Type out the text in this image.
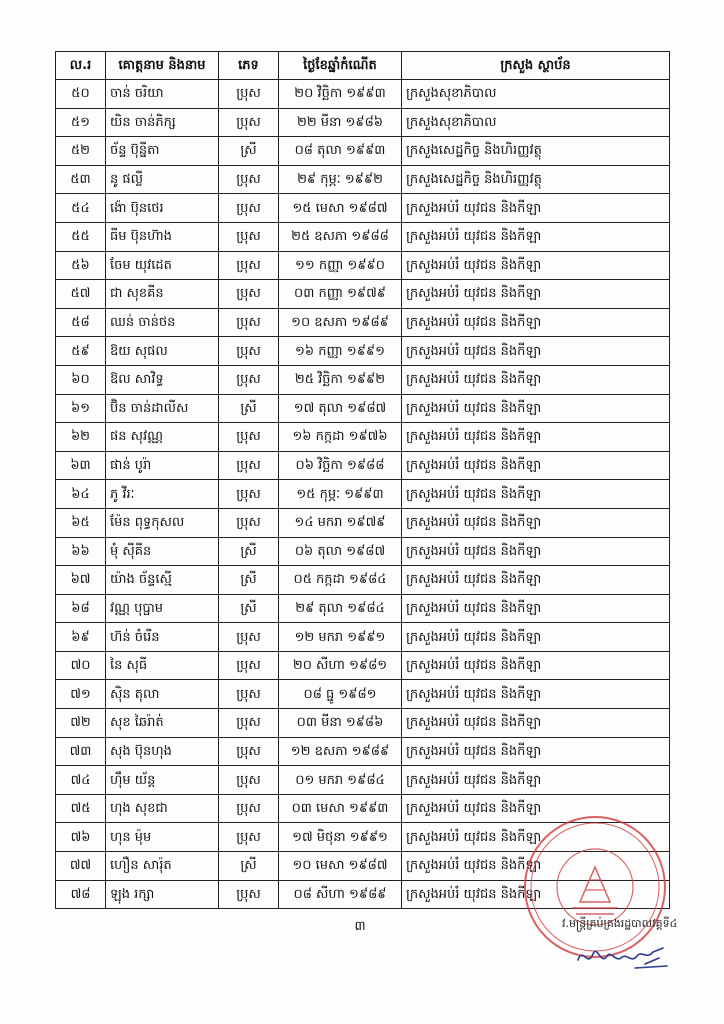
ល.រ	គោត្តនាម និងនាម	ភេទ	ថ្ងៃខែឆ្នាំកំណើត	ក្រសួង ស្ថាប័ន
៥០	ចាន់ ចរិយា	ប្រុស	២០ វិច្ឆិកា ១៩៩៣	ក្រសួងសុខាភិបាល
៥១	យិន ចាន់ភិក្ស	ប្រុស	២២ មីនា ១៩៨៦	ក្រសួងសុខាភិបាល
៥២	ច័ន្ទ ប៊ុន្នីតា	ស្រី	០៨ តុលា ១៩៩៣	ក្រសួងសេដ្ឋកិច្ច និងហិរញ្ញវត្ថុ
៥៣	នូ ផល្លី	ប្រុស	២៩ កុម្ភៈ ១៩៩២	ក្រសួងសេដ្ឋកិច្ច និងហិរញ្ញវត្ថុ
៥៤	ង៉ោ ប៊ុនថេរ	ប្រុស	១៥ មេសា ១៩៨៧	ក្រសួងអប់រំ យុវជន និងកីឡា
៥៥	ធីម ប៊ុនហ៊ាង	ប្រុស	២៥ ឧសភា ១៩៨៨	ក្រសួងអប់រំ យុវជន និងកីឡា
៥៦	ចែម យុវដេត	ប្រុស	១១ កញ្ញា ១៩៩០	ក្រសួងអប់រំ យុវជន និងកីឡា
៥៧	ជា សុខគីន	ប្រុស	០៣ កញ្ញា ១៩៧៩	ក្រសួងអប់រំ យុវជន និងកីឡា
៥៨	ឈន់ ចាន់ថន	ប្រុស	១០ ឧសភា ១៩៨៩	ក្រសួងអប់រំ យុវជន និងកីឡា
៥៩	ឱយ សុផល	ប្រុស	១៦ កញ្ញា ១៩៩១	ក្រសួងអប់រំ យុវជន និងកីឡា
៦០	ឱល សាវិទ្ធ	ប្រុស	២៥ វិច្ឆិកា ១៩៩២	ក្រសួងអប់រំ យុវជន និងកីឡា
៦១	ប៊ិន ចាន់ដាលីស	ស្រី	១៧ តុលា ១៩៨៧	ក្រសួងអប់រំ យុវជន និងកីឡា
៦២	ផន សុវណ្ណ	ប្រុស	១៦ កក្កដា ១៩៧៦	ក្រសួងអប់រំ យុវជន និងកីឡា
៦៣	ផាន់ បូរ៉ា	ប្រុស	០៦ វិច្ឆិកា ១៩៨៨	ក្រសួងអប់រំ យុវជន និងកីឡា
៦៤	ភូ វីរៈ	ប្រុស	១៥ កុម្ភៈ ១៩៩៣	ក្រសួងអប់រំ យុវជន និងកីឡា
៦៥	ម៉ែន ពុទ្ធកុសល	ប្រុស	១៤ មករា ១៩៧៩	ក្រសួងអប់រំ យុវជន និងកីឡា
៦៦	មុំ ស៊ីគីន	ស្រី	០៦ តុលា ១៩៨៧	ក្រសួងអប់រំ យុវជន និងកីឡា
៦៧	យ៉ាង ច័ន្ទស្មើ	ស្រី	០៥ កក្កដា ១៩៨៤	ក្រសួងអប់រំ យុវជន និងកីឡា
៦៨	វណ្ណ បុប្ផាម	ស្រី	២៩ តុលា ១៩៨៤	ក្រសួងអប់រំ យុវជន និងកីឡា
៦៩	ហ៊ន់ ចំរើន	ប្រុស	១២ មករា ១៩៩១	ក្រសួងអប់រំ យុវជន និងកីឡា
៧០	នៃ សុធី	ប្រុស	២០ សីហា ១៩៨១	ក្រសួងអប់រំ យុវជន និងកីឡា
៧១	ស៊ិន តុលា	ប្រុស	០៨ ធ្នូ ១៩៨១	ក្រសួងអប់រំ យុវជន និងកីឡា
៧២	សុខ ឆៃរ៉ាត់	ប្រុស	០៣ មីនា ១៩៨៦	ក្រសួងអប់រំ យុវជន និងកីឡា
៧៣	សុង ប៊ុនហុង	ប្រុស	១២ ឧសភា ១៩៨៩	ក្រសួងអប់រំ យុវជន និងកីឡា
៧៤	ហ៊ឹម យ័ន្ត	ប្រុស	០១ មករា ១៩៨៤	ក្រសួងអប់រំ យុវជន និងកីឡា
៧៥	ហុង សុខជា	ប្រុស	០៣ មេសា ១៩៩៣	ក្រសួងអប់រំ យុវជន និងកីឡា
៧៦	ហុន ម៉ុម	ប្រុស	១៧ មិថុនា ១៩៩១	ក្រសួងអប់រំ យុវជន និងកីឡា
៧៧	ហឿន សារ៉ុត	ស្រី	១០ មេសា ១៩៨៧	ក្រសួងអប់រំ យុវជន និងកីឡា
៧៨	ឡុង រក្សា	ប្រុស	០៨ សីហា ១៩៨៩	ក្រសួងអប់រំ យុវជន និងកីឡា
៣	វ.មន្ត្រីគ្រប់គ្រងរដ្ឋបាលវគ្គទី៤
